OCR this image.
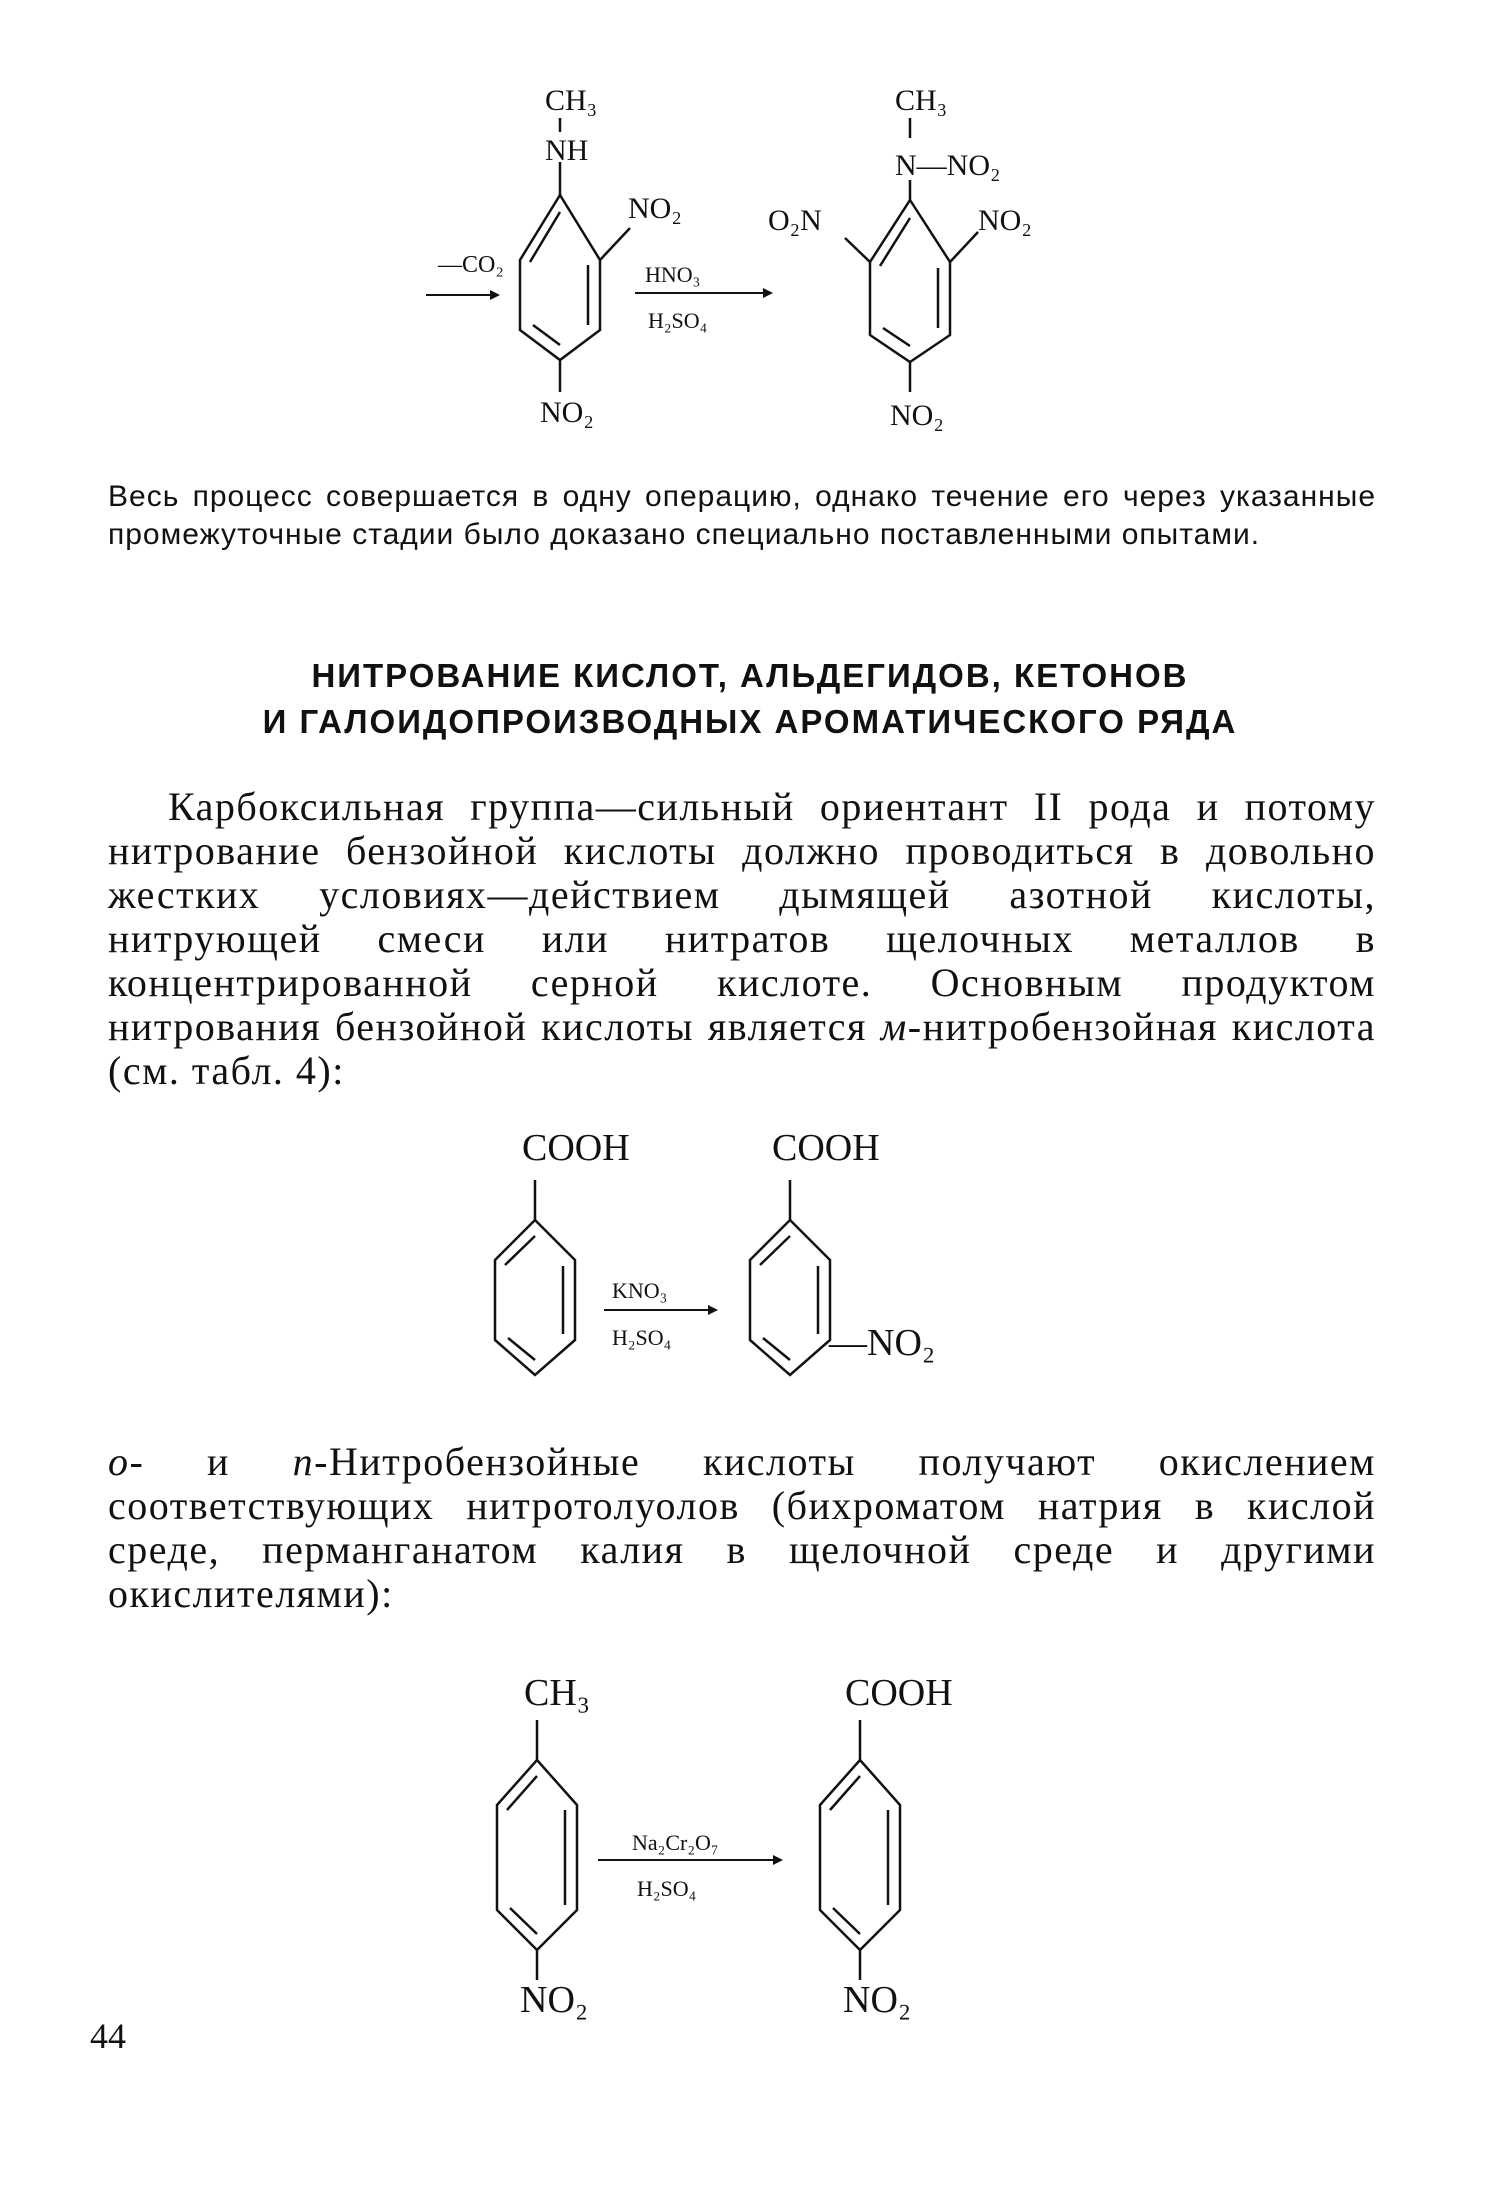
CH₃
NH
NO₂
NO₂
—CO₂	HNO₃
H₂SO₄
CH₃
N—NO₂
O₂N	NO₂
NO₂
Весь процесс совершается в одну операцию, однако течение его через указанные промежуточные стадии было доказано специально поставленными опытами.
НИТРОВАНИЕ КИСЛОТ, АЛЬДЕГИДОВ, КЕТОНОВ
И ГАЛОИДОПРОИЗВОДНЫХ АРОМАТИЧЕСКОГО РЯДА
Карбоксильная группа—сильный ориентант II рода и потому нитрование бензойной кислоты должно проводиться в довольно жестких условиях—действием дымящей азотной кислоты, нитрующей смеси или нитратов щелочных металлов в концентрированной серной кислоте. Основным продуктом нитрования бензойной кислоты является м-нитробензойная кислота (см. табл. 4):
COOH
KNO₃
H₂SO₄
COOH
—NO₂
о- и п-Нитробензойные кислоты получают окислением соответствующих нитротолуолов (бихроматом натрия в кислой среде, перманганатом калия в щелочной среде и другими окислителями):
CH₃
NO₂
Na₂Cr₂O₇
H₂SO₄
COOH
NO₂
44
